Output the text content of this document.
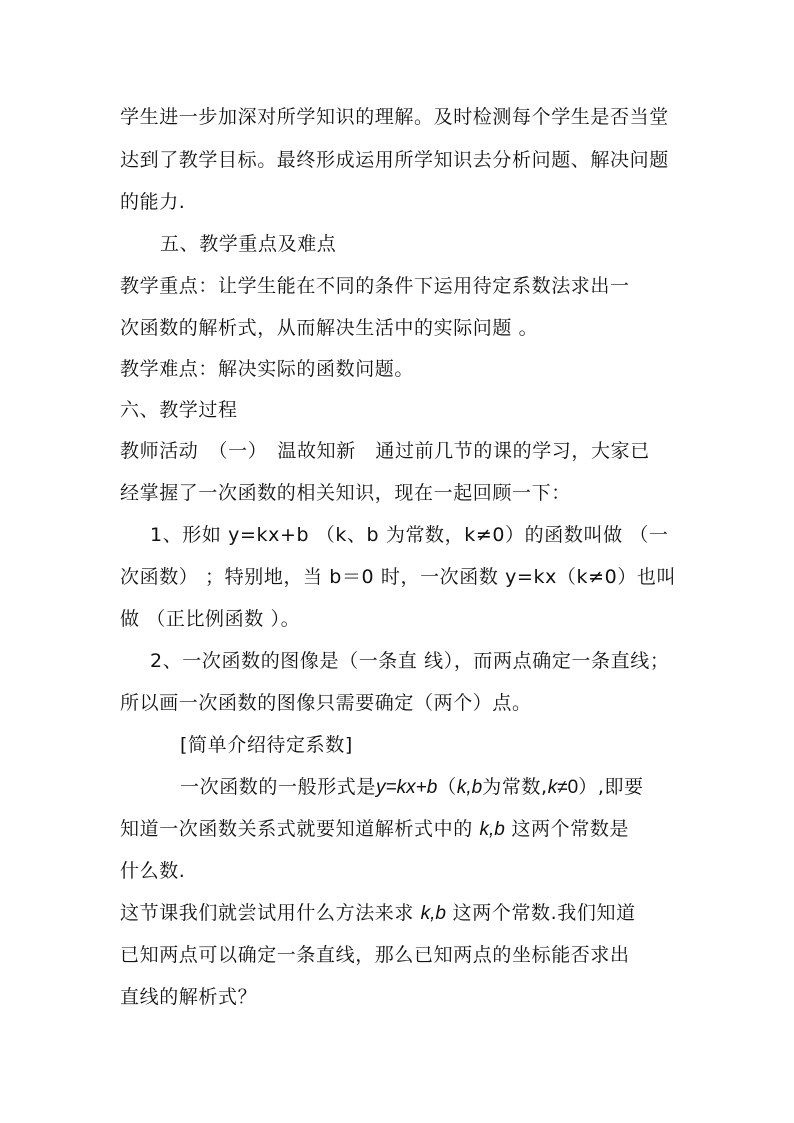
学生进一步加深对所学知识的理解。及时检测每个学生是否当堂
达到了教学目标。最终形成运用所学知识去分析问题、解决问题
的能力.
五、教学重点及难点
教学重点：让学生能在不同的条件下运用待定系数法求出一
次函数的解析式，从而解决生活中的实际问题 。
教学难点：解决实际的函数问题。
六、教学过程
教师活动　（一）　温故知新　通过前几节的课的学习，大家已
经掌握了一次函数的相关知识，现在一起回顾一下：
1、形如 y=kx+b （k、b 为常数，k≠0）的函数叫做 （一
次函数） ；特别地，当 b＝0 时，一次函数 y=kx（k≠0）也叫
做 （正比例函数 ）。
2、一次函数的图像是（一条直 线），而两点确定一条直线；
所以画一次函数的图像只需要确定（两个）点。
[简单介绍待定系数]
一次函数的一般形式是y=kx+b（k,b为常数,k≠0）,即要
知道一次函数关系式就要知道解析式中的 k,b 这两个常数是
什么数.
这节课我们就尝试用什么方法来求 k,b 这两个常数.我们知道
已知两点可以确定一条直线，那么已知两点的坐标能否求出
直线的解析式？
